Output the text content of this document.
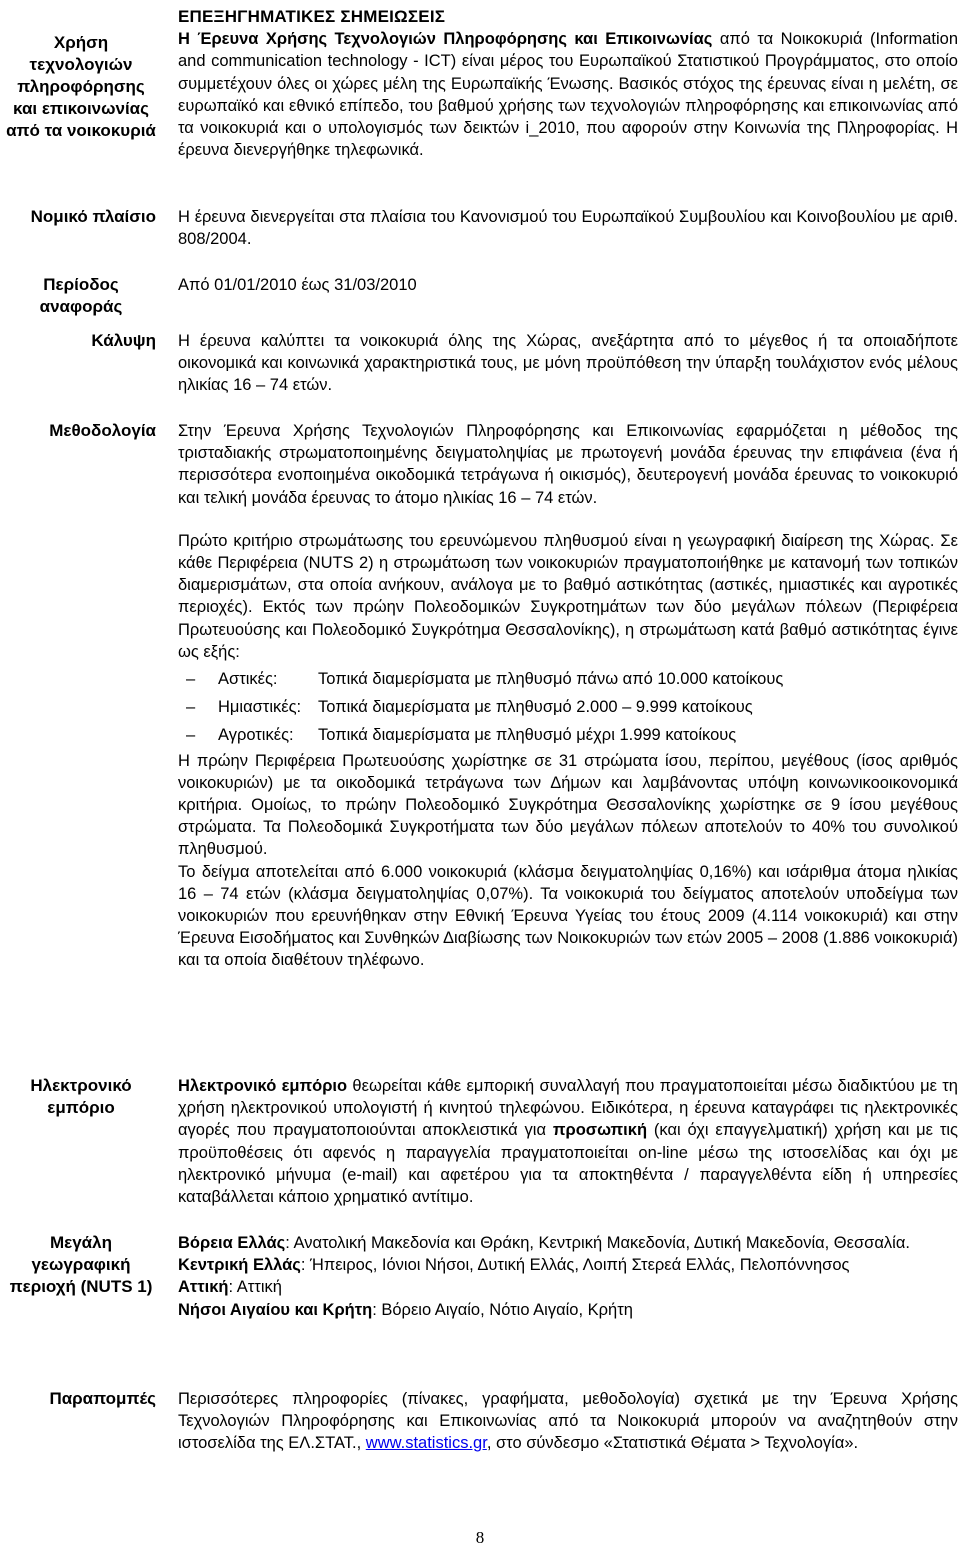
Χρήση τεχνολογιών πληροφόρησης και επικοινωνίας από τα νοικοκυριά

ΕΠΕΞΗΓΗΜΑΤΙΚΕΣ ΣΗΜΕΙΩΣΕΙΣ

Η Έρευνα Χρήσης Τεχνολογιών Πληροφόρησης και Επικοινωνίας από τα Νοικοκυριά (Information and communication technology - ICT) είναι μέρος του Ευρωπαϊκού Στατιστικού Προγράμματος, στο οποίο συμμετέχουν όλες οι χώρες μέλη της Ευρωπαϊκής Ένωσης. Βασικός στόχος της έρευνας είναι η μελέτη, σε ευρωπαϊκό και εθνικό επίπεδο, του βαθμού χρήσης των τεχνολογιών πληροφόρησης και επικοινωνίας από τα νοικοκυριά και ο υπολογισμός των δεικτών i_2010, που αφορούν στην Κοινωνία της Πληροφορίας. Η έρευνα διενεργήθηκε τηλεφωνικά.

Νομικό πλαίσιο Η έρευνα διενεργείται στα πλαίσια του Κανονισμού του Ευρωπαϊκού Συμβουλίου και Κοινοβουλίου με αριθ. 808/2004.
Περίοδος αναφοράς
Από 01/01/2010 έως 31/03/2010
Κάλυψη Η έρευνα καλύπτει τα νοικοκυριά όλης της Χώρας, ανεξάρτητα από το μέγεθος ή τα οποιαδήποτε οικονομικά και κοινωνικά χαρακτηριστικά τους, με μόνη προϋπόθεση την ύπαρξη τουλάχιστον ενός μέλους ηλικίας 16 – 74 ετών.
Μεθοδολογία Στην Έρευνα Χρήσης Τεχνολογιών Πληροφόρησης και Επικοινωνίας εφαρμόζεται η μέθοδος της τρισταδιακής στρωματοποιημένης δειγματοληψίας με πρωτογενή μονάδα έρευνας την επιφάνεια (ένα ή περισσότερα ενοποιημένα οικοδομικά τετράγωνα ή οικισμός), δευτερογενή μονάδα έρευνας το νοικοκυριό και τελική μονάδα έρευνας το άτομο ηλικίας 16 – 74 ετών.

Πρώτο κριτήριο στρωμάτωσης του ερευνώμενου πληθυσμού είναι η γεωγραφική διαίρεση της Χώρας. Σε κάθε Περιφέρεια (NUTS 2) η στρωμάτωση των νοικοκυριών πραγματοποιήθηκε με κατανομή των τοπικών διαμερισμάτων, στα οποία ανήκουν, ανάλογα με το βαθμό αστικότητας (αστικές, ημιαστικές και αγροτικές περιοχές). Εκτός των πρώην Πολεοδομικών Συγκροτημάτων των δύο μεγάλων πόλεων (Περιφέρεια Πρωτευούσης και Πολεοδομικό Συγκρότημα Θεσσαλονίκης), η στρωμάτωση κατά βαθμό αστικότητας έγινε ως εξής:

– Αστικές: Τοπικά διαμερίσματα με πληθυσμό πάνω από 10.000 κατοίκους
– Ημιαστικές: Τοπικά διαμερίσματα με πληθυσμό 2.000 – 9.999 κατοίκους
– Αγροτικές: Τοπικά διαμερίσματα με πληθυσμό μέχρι 1.999 κατοίκους

Η πρώην Περιφέρεια Πρωτευούσης χωρίστηκε σε 31 στρώματα ίσου, περίπου, μεγέθους (ίσος αριθμός νοικοκυριών) με τα οικοδομικά τετράγωνα των Δήμων και λαμβάνοντας υπόψη κοινωνικοοικονομικά κριτήρια. Ομοίως, το πρώην Πολεοδομικό Συγκρότημα Θεσσαλονίκης χωρίστηκε σε 9 ίσου μεγέθους στρώματα. Τα Πολεοδομικά Συγκροτήματα των δύο μεγάλων πόλεων αποτελούν το 40% του συνολικού πληθυσμού.

Το δείγμα αποτελείται από 6.000 νοικοκυριά (κλάσμα δειγματοληψίας 0,16%) και ισάριθμα άτομα ηλικίας 16 – 74 ετών (κλάσμα δειγματοληψίας 0,07%). Τα νοικοκυριά του δείγματος αποτελούν υποδείγμα των νοικοκυριών που ερευνήθηκαν στην Εθνική Έρευνα Υγείας του έτους 2009 (4.114 νοικοκυριά) και στην Έρευνα Εισοδήματος και Συνθηκών Διαβίωσης των Νοικοκυριών των ετών 2005 – 2008 (1.886 νοικοκυριά) και τα οποία διαθέτουν τηλέφωνο.

Ηλεκτρονικό εμπόριο

Ηλεκτρονικό εμπόριο θεωρείται κάθε εμπορική συναλλαγή που πραγματοποιείται μέσω διαδικτύου με τη χρήση ηλεκτρονικού υπολογιστή ή κινητού τηλεφώνου. Ειδικότερα, η έρευνα καταγράφει τις ηλεκτρονικές αγορές που πραγματοποιούνται αποκλειστικά για προσωπική (και όχι επαγγελματική) χρήση και με τις προϋποθέσεις ότι αφενός η παραγγελία πραγματοποιείται on-line μέσω της ιστοσελίδας και όχι με ηλεκτρονικό μήνυμα (e-mail) και αφετέρου για τα αποκτηθέντα / παραγγελθέντα είδη ή υπηρεσίες καταβάλλεται κάποιο χρηματικό αντίτιμο.

Μεγάλη γεωγραφική περιοχή (NUTS 1)

Βόρεια Ελλάς: Ανατολική Μακεδονία και Θράκη, Κεντρική Μακεδονία, Δυτική Μακεδονία, Θεσσαλία.

Κεντρική Ελλάς: Ήπειρος, Ιόνιοι Νήσοι, Δυτική Ελλάς, Λοιπή Στερεά Ελλάς, Πελοπόννησος

Αττική: Αττική

Νήσοι Αιγαίου και Κρήτη: Βόρειο Αιγαίο, Νότιο Αιγαίο, Κρήτη

Παραπομπές Περισσότερες πληροφορίες (πίνακες, γραφήματα, μεθοδολογία) σχετικά με την Έρευνα Χρήσης Τεχνολογιών Πληροφόρησης και Επικοινωνίας από τα Νοικοκυριά μπορούν να αναζητηθούν στην ιστοσελίδα της ΕΛ.ΣΤΑΤ., www.statistics.gr, στο σύνδεσμο «Στατιστικά Θέματα > Τεχνολογία».

8
